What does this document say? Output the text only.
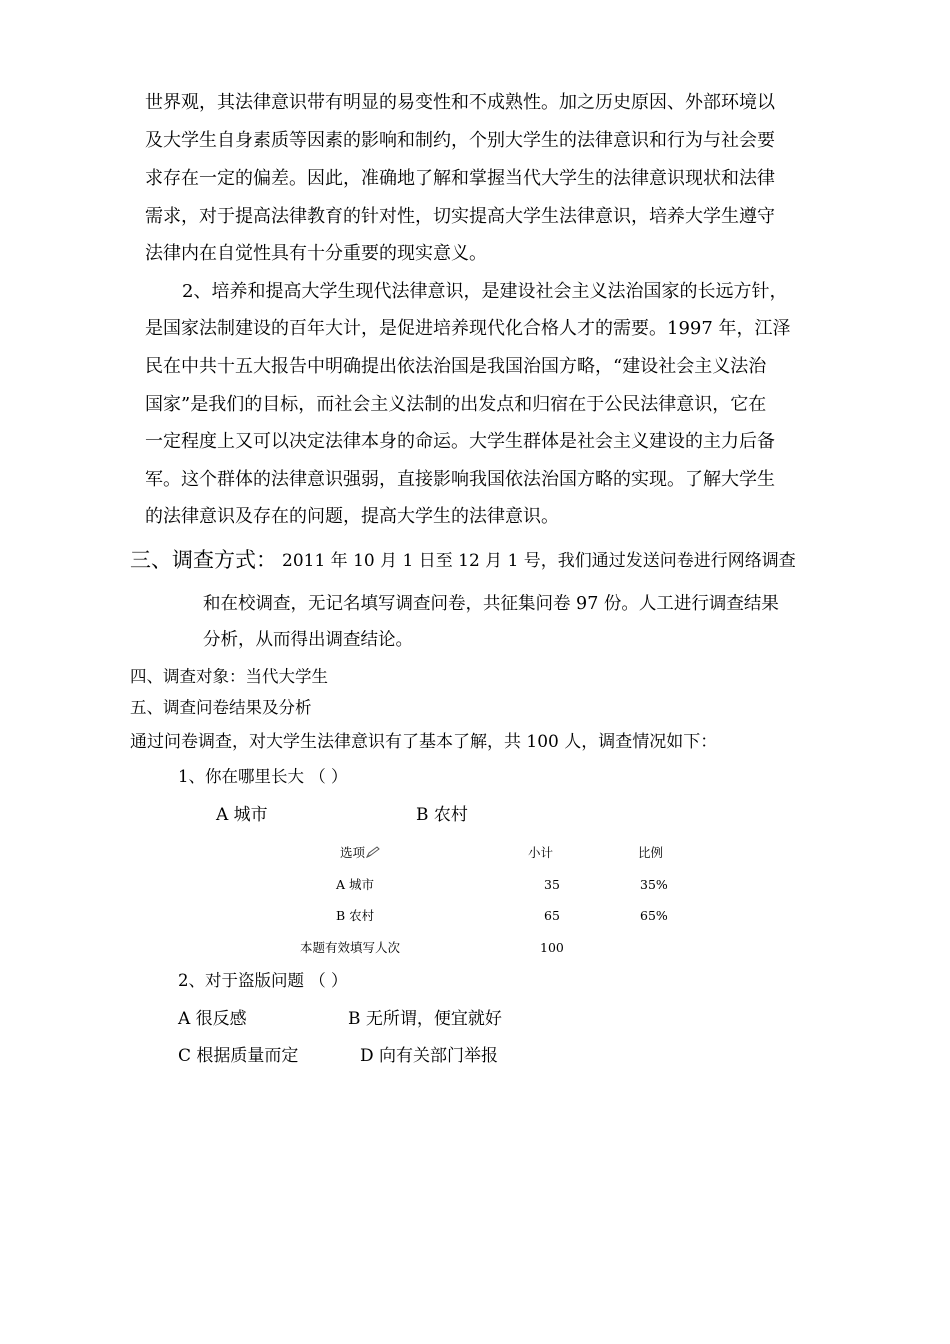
世界观，其法律意识带有明显的易变性和不成熟性。加之历史原因、外部环境以
及大学生自身素质等因素的影响和制约，个别大学生的法律意识和行为与社会要
求存在一定的偏差。因此，准确地了解和掌握当代大学生的法律意识现状和法律
需求，对于提高法律教育的针对性，切实提高大学生法律意识，培养大学生遵守
法律内在自觉性具有十分重要的现实意义。
2、培养和提高大学生现代法律意识，是建设社会主义法治国家的长远方针，
是国家法制建设的百年大计，是促进培养现代化合格人才的需要。1997 年，江泽
民在中共十五大报告中明确提出依法治国是我国治国方略，“建设社会主义法治
国家”是我们的目标，而社会主义法制的出发点和归宿在于公民法律意识，它在
一定程度上又可以决定法律本身的命运。大学生群体是社会主义建设的主力后备
军。这个群体的法律意识强弱，直接影响我国依法治国方略的实现。了解大学生
的法律意识及存在的问题，提高大学生的法律意识。
三、调查方式： 2011 年 10 月 1 日至 12 月 1 号，我们通过发送问卷进行网络调查
和在校调查，无记名填写调查问卷，共征集问卷 97 份。人工进行调查结果
分析，从而得出调查结论。
四、调查对象：当代大学生
五、调查问卷结果及分析
通过问卷调查，对大学生法律意识有了基本了解，共 100 人，调查情况如下：
1、你在哪里长大 （ ）
A 城市	B 农村
选项	小计	比例
A 城市	35	35%
B 农村	65	65%
本题有效填写人次	100
2、对于盗版问题 （ ）
A 很反感	B 无所谓，便宜就好
C 根据质量而定	D 向有关部门举报
